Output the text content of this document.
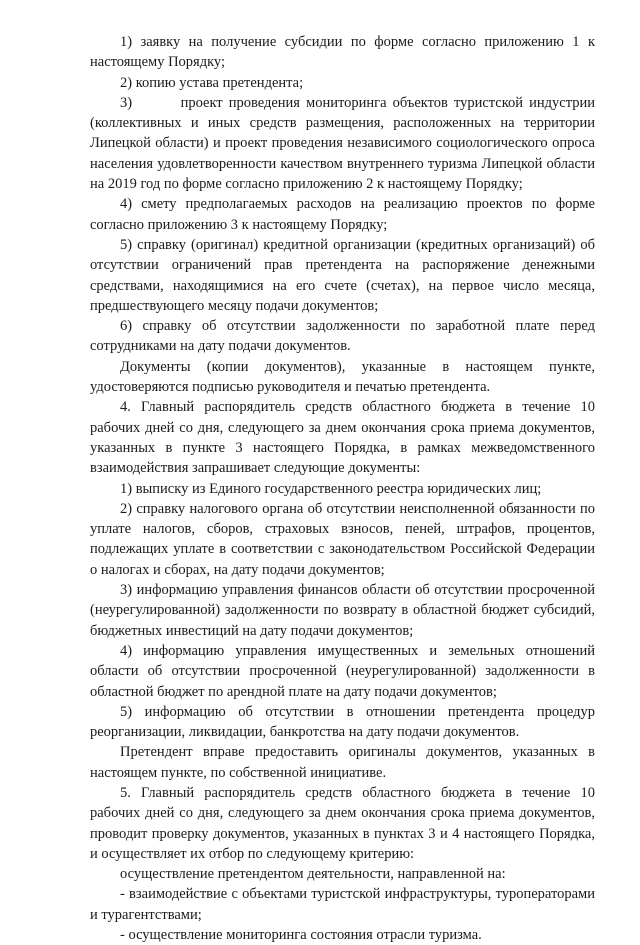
1) заявку на получение субсидии по форме согласно приложению 1 к настоящему Порядку;

2) копию устава претендента;

3)        проект проведения мониторинга объектов туристской индустрии (коллективных и иных средств размещения, расположенных на территории Липецкой области) и проект проведения независимого социологического опроса населения удовлетворенности качеством внутреннего туризма Липецкой области на 2019 год по форме согласно приложению 2 к настоящему Порядку;

4) смету предполагаемых расходов на реализацию проектов по форме согласно приложению 3 к настоящему Порядку;

5) справку (оригинал) кредитной организации (кредитных организаций) об отсутствии ограничений прав претендента на распоряжение денежными средствами, находящимися на его счете (счетах), на первое число месяца, предшествующего месяцу подачи документов;

6) справку об отсутствии задолженности по заработной плате перед сотрудниками на дату подачи документов.

Документы (копии документов), указанные в настоящем пункте, удостоверяются подписью руководителя и печатью претендента.

4. Главный распорядитель средств областного бюджета в течение 10 рабочих дней со дня, следующего за днем окончания срока приема документов, указанных в пункте 3 настоящего Порядка, в рамках межведомственного взаимодействия запрашивает следующие документы:

1) выписку из Единого государственного реестра юридических лиц;

2) справку налогового органа об отсутствии неисполненной обязанности по уплате налогов, сборов, страховых взносов, пеней, штрафов, процентов, подлежащих уплате в соответствии с законодательством Российской Федерации о налогах и сборах, на дату подачи документов;

3) информацию управления финансов области об отсутствии просроченной (неурегулированной) задолженности по возврату в областной бюджет субсидий, бюджетных инвестиций на дату подачи документов;

4) информацию управления имущественных и земельных отношений области об отсутствии просроченной (неурегулированной) задолженности в областной бюджет по арендной плате на дату подачи документов;

5) информацию об отсутствии в отношении претендента процедур реорганизации, ликвидации, банкротства на дату подачи документов.

Претендент вправе предоставить оригиналы документов, указанных в настоящем пункте, по собственной инициативе.

5. Главный распорядитель средств областного бюджета в течение 10 рабочих дней со дня, следующего за днем окончания срока приема документов, проводит проверку документов, указанных в пунктах 3 и 4 настоящего Порядка, и осуществляет их отбор по следующему критерию:

осуществление претендентом деятельности, направленной на:

- взаимодействие с объектами туристской инфраструктуры, туроператорами и турагентствами;

- осуществление мониторинга состояния отрасли туризма.
